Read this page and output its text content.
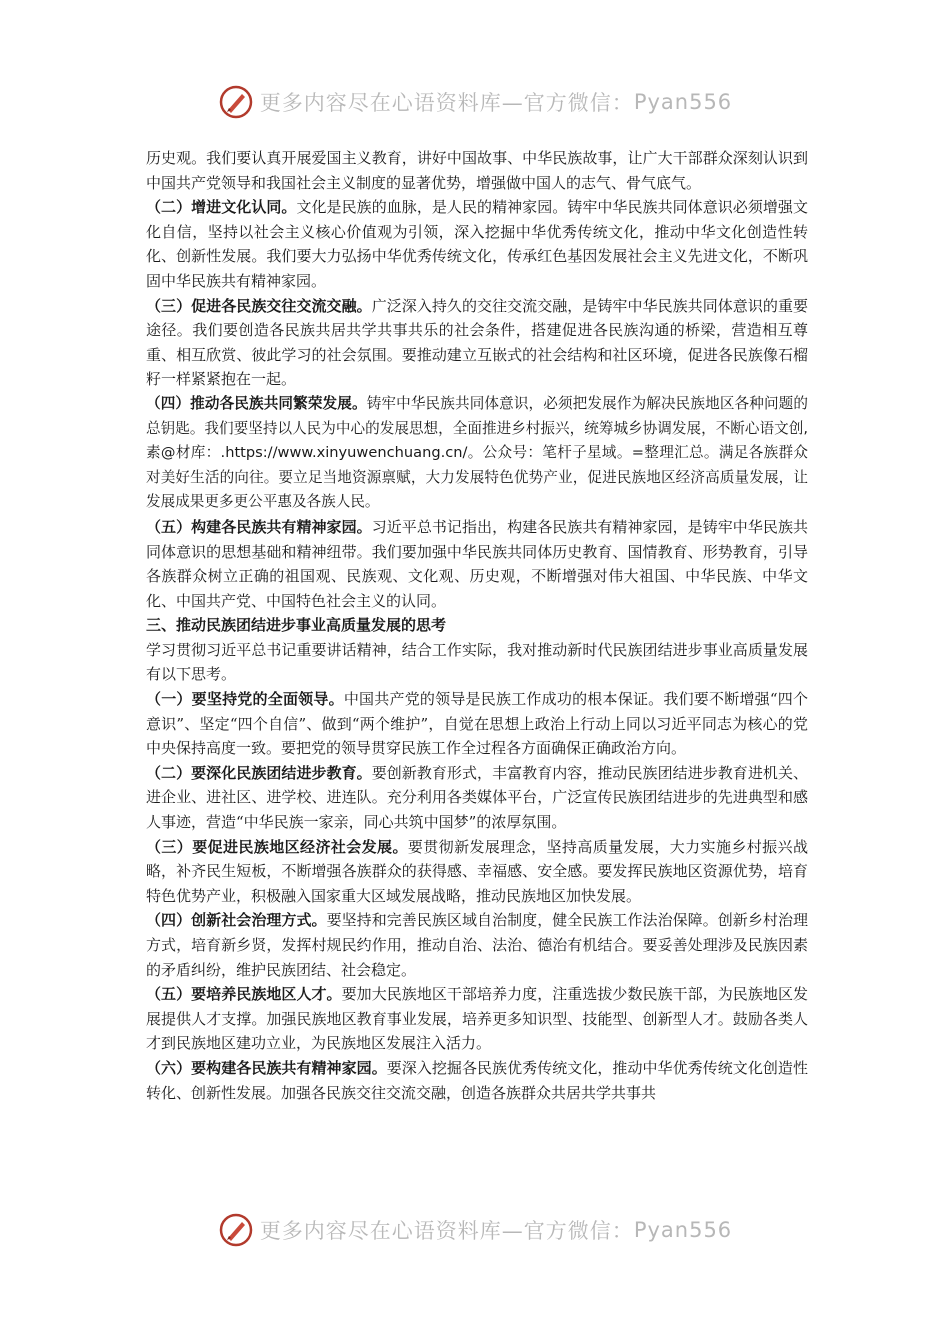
更多内容尽在心语资料库—官方微信： Pyan556

历史观。我们要认真开展爱国主义教育，讲好中国故事、中华民族故事，让广大干部群众深刻认识到中国共产党领导和我国社会主义制度的显著优势，增强做中国人的志气、骨气底气。

（二）增进文化认同。文化是民族的血脉，是人民的精神家园。铸牢中华民族共同体意识必须增强文化自信，坚持以社会主义核心价值观为引领，深入挖掘中华优秀传统文化，推动中华文化创造性转化、创新性发展。我们要大力弘扬中华优秀传统文化，传承红色基因发展社会主义先进文化，不断巩固中华民族共有精神家园。

（三）促进各民族交往交流交融。广泛深入持久的交往交流交融，是铸牢中华民族共同体意识的重要途径。我们要创造各民族共居共学共事共乐的社会条件，搭建促进各民族沟通的桥梁，营造相互尊重、相互欣赏、彼此学习的社会氛围。要推动建立互嵌式的社会结构和社区环境，促进各民族像石榴籽一样紧紧抱在一起。

（四）推动各民族共同繁荣发展。铸牢中华民族共同体意识，必须把发展作为解决民族地区各种问题的总钥匙。我们要坚持以人民为中心的发展思想，全面推进乡村振兴，统筹城乡协调发展，不断心语文创,素@材库：.https://www.xinyuwenchuang.cn/。公众号：笔杆子星域。=整理汇总。满足各族群众对美好生活的向往。要立足当地资源禀赋，大力发展特色优势产业，促进民族地区经济高质量发展，让发展成果更多更公平惠及各族人民。

（五）构建各民族共有精神家园。习近平总书记指出，构建各民族共有精神家园，是铸牢中华民族共同体意识的思想基础和精神纽带。我们要加强中华民族共同体历史教育、国情教育、形势教育，引导各族群众树立正确的祖国观、民族观、文化观、历史观，不断增强对伟大祖国、中华民族、中华文化、中国共产党、中国特色社会主义的认同。

三、推动民族团结进步事业高质量发展的思考

学习贯彻习近平总书记重要讲话精神，结合工作实际，我对推动新时代民族团结进步事业高质量发展有以下思考。

（一）要坚持党的全面领导。中国共产党的领导是民族工作成功的根本保证。我们要不断增强“四个意识”、坚定“四个自信”、做到“两个维护”，自觉在思想上政治上行动上同以习近平同志为核心的党中央保持高度一致。要把党的领导贯穿民族工作全过程各方面确保正确政治方向。

（二）要深化民族团结进步教育。要创新教育形式，丰富教育内容，推动民族团结进步教育进机关、进企业、进社区、进学校、进连队。充分利用各类媒体平台，广泛宣传民族团结进步的先进典型和感人事迹，营造“中华民族一家亲，同心共筑中国梦”的浓厚氛围。

（三）要促进民族地区经济社会发展。要贯彻新发展理念，坚持高质量发展，大力实施乡村振兴战略，补齐民生短板，不断增强各族群众的获得感、幸福感、安全感。要发挥民族地区资源优势，培育特色优势产业，积极融入国家重大区域发展战略，推动民族地区加快发展。

（四）创新社会治理方式。要坚持和完善民族区域自治制度，健全民族工作法治保障。创新乡村治理方式，培育新乡贤，发挥村规民约作用，推动自治、法治、德治有机结合。要妥善处理涉及民族因素的矛盾纠纷，维护民族团结、社会稳定。

（五）要培养民族地区人才。要加大民族地区干部培养力度，注重选拔少数民族干部，为民族地区发展提供人才支撑。加强民族地区教育事业发展，培养更多知识型、技能型、创新型人才。鼓励各类人才到民族地区建功立业，为民族地区发展注入活力。

（六）要构建各民族共有精神家园。要深入挖掘各民族优秀传统文化，推动中华优秀传统文化创造性转化、创新性发展。加强各民族交往交流交融，创造各族群众共居共学共事共

更多内容尽在心语资料库—官方微信： Pyan556
